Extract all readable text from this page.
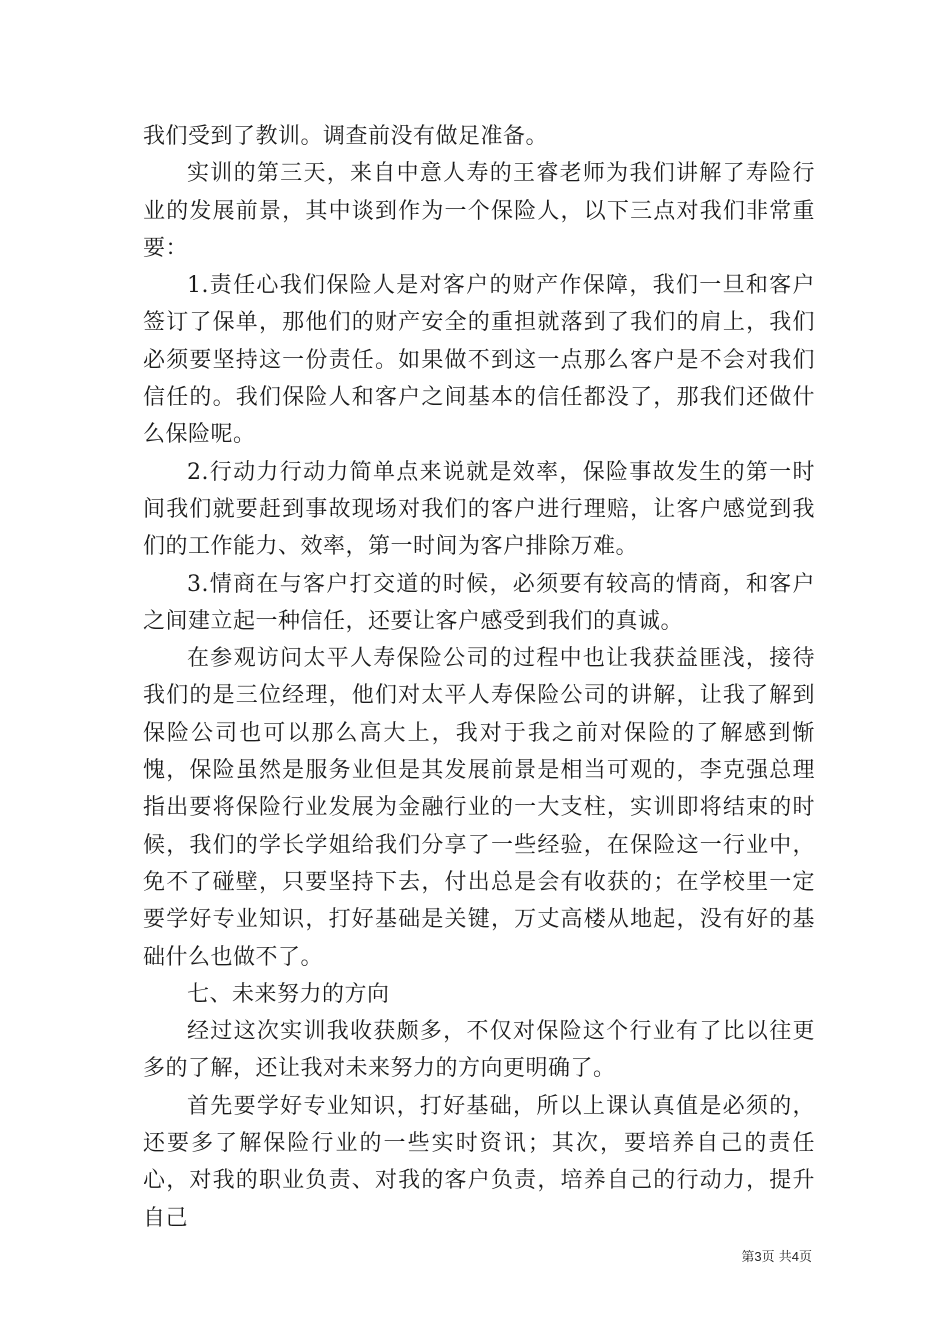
我们受到了教训。调查前没有做足准备。

实训的第三天，来自中意人寿的王睿老师为我们讲解了寿险行业的发展前景，其中谈到作为一个保险人，以下三点对我们非常重要：

1.责任心我们保险人是对客户的财产作保障，我们一旦和客户签订了保单，那他们的财产安全的重担就落到了我们的肩上，我们必须要坚持这一份责任。如果做不到这一点那么客户是不会对我们信任的。我们保险人和客户之间基本的信任都没了，那我们还做什么保险呢。

2.行动力行动力简单点来说就是效率，保险事故发生的第一时间我们就要赶到事故现场对我们的客户进行理赔，让客户感觉到我们的工作能力、效率，第一时间为客户排除万难。

3.情商在与客户打交道的时候，必须要有较高的情商，和客户之间建立起一种信任，还要让客户感受到我们的真诚。

在参观访问太平人寿保险公司的过程中也让我获益匪浅，接待我们的是三位经理，他们对太平人寿保险公司的讲解，让我了解到保险公司也可以那么高大上，我对于我之前对保险的了解感到惭愧，保险虽然是服务业但是其发展前景是相当可观的，李克强总理指出要将保险行业发展为金融行业的一大支柱，实训即将结束的时候，我们的学长学姐给我们分享了一些经验，在保险这一行业中，免不了碰壁，只要坚持下去，付出总是会有收获的；在学校里一定要学好专业知识，打好基础是关键，万丈高楼从地起，没有好的基础什么也做不了。

七、未来努力的方向

经过这次实训我收获颇多，不仅对保险这个行业有了比以往更多的了解，还让我对未来努力的方向更明确了。

首先要学好专业知识，打好基础，所以上课认真值是必须的，还要多了解保险行业的一些实时资讯；其次，要培养自己的责任心，对我的职业负责、对我的客户负责，培养自己的行动力，提升自己

第3页 共4页
